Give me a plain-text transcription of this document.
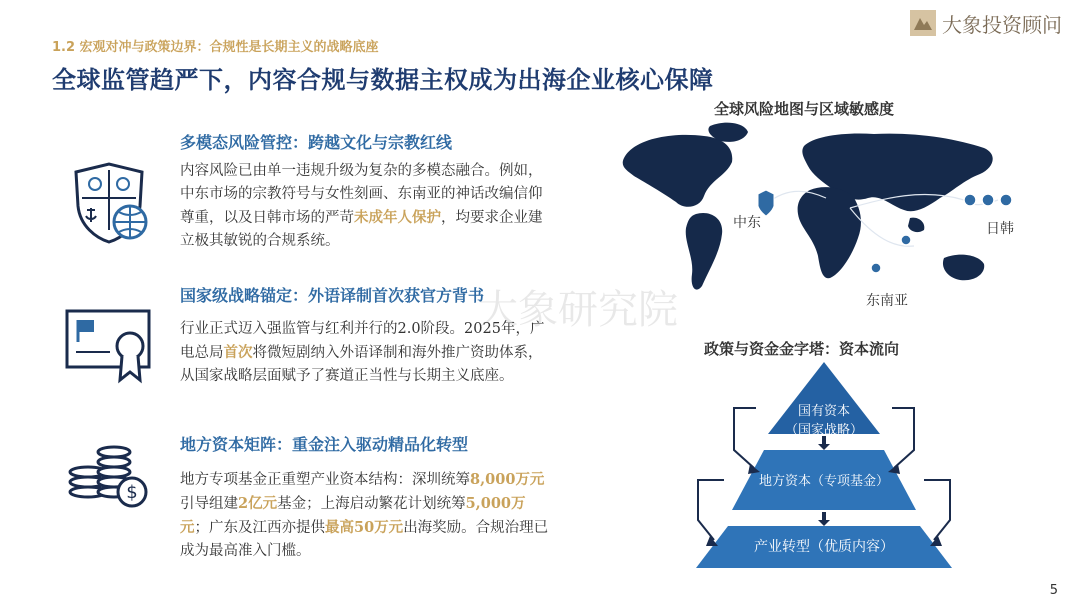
1.2 宏观对冲与政策边界：合规性是长期主义的战略底座
全球监管趋严下，内容合规与数据主权成为出海企业核心保障
大象投资顾问
大象研究院
多模态风险管控：跨越文化与宗教红线
内容风险已由单一违规升级为复杂的多模态融合。例如，中东市场的宗教符号与女性刻画、东南亚的神话改编信仰尊重，以及日韩市场的严苛未成年人保护，均要求企业建立极其敏锐的合规系统。
国家级战略锚定：外语译制首次获官方背书
行业正式迈入强监管与红利并行的2.0阶段。2025年，广电总局首次将微短剧纳入外语译制和海外推广资助体系，从国家战略层面赋予了赛道正当性与长期主义底座。
$
地方资本矩阵：重金注入驱动精品化转型
地方专项基金正重塑产业资本结构：深圳统筹8,000万元引导组建2亿元基金；上海启动繁花计划统筹5,000万元；广东及江西亦提供最高50万元出海奖励。合规治理已成为最高准入门槛。
全球风险地图与区域敏感度
中东	日韩
东南亚
政策与资金金字塔：资本流向
国有资本
（国家战略）
地方资本（专项基金）
产业转型（优质内容）
5
